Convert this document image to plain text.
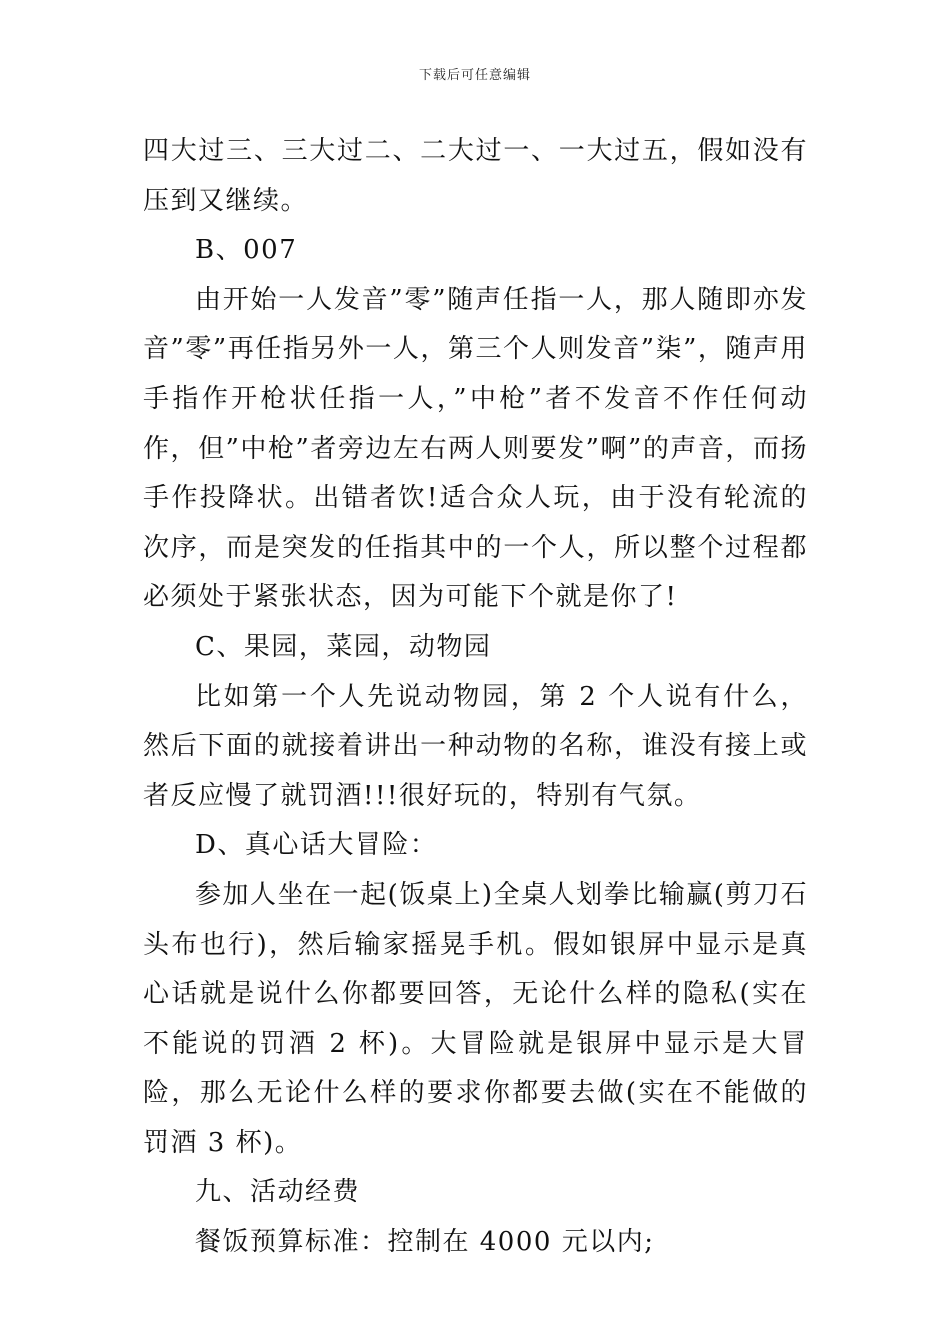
下载后可任意编辑

四大过三、三大过二、二大过一、一大过五，假如没有压到又继续。

B、007

由开始一人发音”零”随声任指一人，那人随即亦发音”零”再任指另外一人，第三个人则发音”柒”，随声用手指作开枪状任指一人，”中枪”者不发音不作任何动作，但”中枪”者旁边左右两人则要发”啊”的声音，而扬手作投降状。出错者饮!适合众人玩，由于没有轮流的次序，而是突发的任指其中的一个人，所以整个过程都必须处于紧张状态，因为可能下个就是你了!

C、果园，菜园，动物园

比如第一个人先说动物园，第 2 个人说有什么，然后下面的就接着讲出一种动物的名称，谁没有接上或者反应慢了就罚酒!!!很好玩的，特别有气氛。

D、真心话大冒险：

参加人坐在一起(饭桌上)全桌人划拳比输赢(剪刀石头布也行)，然后输家摇晃手机。假如银屏中显示是真心话就是说什么你都要回答，无论什么样的隐私(实在不能说的罚酒 2 杯)。大冒险就是银屏中显示是大冒险，那么无论什么样的要求你都要去做(实在不能做的罚酒 3 杯)。

九、活动经费

餐饭预算标准：控制在 4000 元以内;
